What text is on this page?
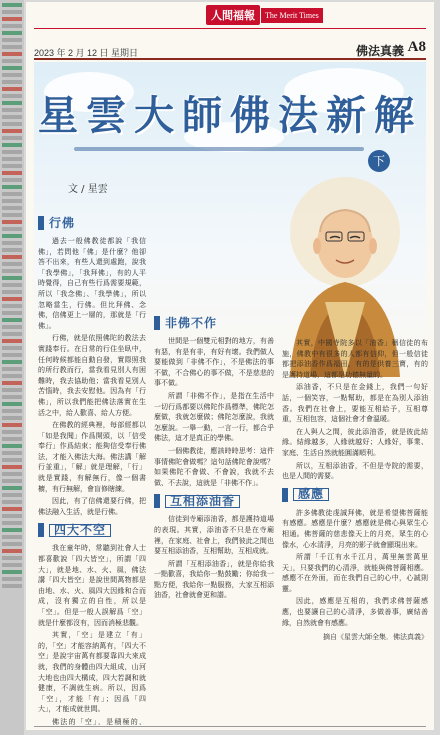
人間福報	The Merit Times
2023 年 2 月 12 日 星期日	佛法真義 A8
星雲大師佛法新解
下
文 / 星雲
行佛

過去一般佛教徒都說「我信佛」，若問他「佛」是什麼？他卻答不出來，有些人還到處跑，說我「我學佛」，「我拜佛」，有的人平時覺得，自己有些行爲需要規範，所以「我念佛」、「我學佛」，所以忽略當生，行佛。但比拜佛、念佛，信佛更上一層的，那就是「行佛」。

行佛，就是依照佛陀的教法去實踐奉行。在日常的行住坐臥中，任何時候都能自動自發，實際照我的所行教而行，當我看見別人有困難時，我去協助他；當我看見別人苦惱時，我去安慰他。因為有「行佛」，所以我們能把佛法落實在生活之中，給人歡喜、給人方便。

在佛教的經典裡，每部經都以「如是我聞」作爲開頭，以「信受奉行」作爲結束；能夠信受奉行佛法，才能入佛法大海。佛法講「解行並重」，「解」就是理解，「行」就是實踐，有解無行，像一個書櫥，有行無解，會盲修瞎練。

因此，有了信佛還要行佛，把佛法融入生活，就是行佛。

四大不空

我在童年時，常聽到社會人士都喜歡說「四大皆空」，所謂「四大」，就是地、水、火、風，佛法講「四大皆空」是說世間萬物都是由地、水、火、風四大因緣和合而成，沒有獨立的自性，所以是「空」。但是一般人誤解爲「空」就是什麼都沒有，因而消極悲觀。

其實，「空」是建立「有」的，「空」才能容納萬有，「四大不空」是說宇宙萬有都要靠四大來成就，我們的身體由四大組成，山河大地也由四大構成，四大若調和就健康，不調就生病。所以，因爲「空」，才能「有」；因爲「四大」，才能成就世間。

佛法的「空」，是積極的，

非佛不作

世間是一個雙元相對的地方，有善有惡，有是有非，有好有壞。我們做人要能做到「非佛不作」，不是佛法的事不做，不合佛心的事不做，不是慈悲的事不做。

所謂「非佛不作」，是指在生活中一切行爲都要以佛陀作爲標準，佛陀怎麼做，我就怎麼做；佛陀怎麼說，我就怎麼說。一舉一動，一言一行，都合乎佛法，這才是真正的學佛。

一個佛教徒，應該時時思考：這件事情佛陀會做嗎？這句話佛陀會說嗎？如果佛陀不會做、不會說，我就不去做、不去說，這就是「非佛不作」。

互相添油香

信徒到寺廟添油香，都是護持道場的表現。其實，添油香不只是在寺廟裡，在家庭、社會上，我們彼此之間也要互相添油香，互相幫助，互相成就。

所謂「互相添油香」，就是你給我一點歡喜，我給你一點鼓勵；你給我一點方便，我給你一點服務，大家互相添油香，社會就會更和諧。

其實，中國寺院多以「油香」稱信徒的布施，佛教中有很多的人都有信仰，但一般信徒都把添油香作爲福田，有的是供養三寶，有的是護持道場，這都是功德無量的。

添油香，不只是在金錢上，我們一句好話，一個笑容，一點幫助，都是在為別人添油香。我們在社會上，要能互相給予，互相尊重，互相包容，這個社會才會溫暖。

在人與人之間，彼此添油香，就是彼此結緣。結緣越多，人緣就越好；人緣好，事業、家庭、生活自然就能圓滿順利。

所以，互相添油香，不但是寺院的需要，也是人間的需要。

感應

許多佛教徒虔誠拜佛，就是希望佛菩薩能有感應。感應是什麼？感應就是佛心與眾生心相通。佛菩薩的慈悲像天上的月亮，眾生的心像水，心水清淨，月亮的影子就會顯現出來。

所謂「千江有水千江月，萬里無雲萬里天」，只要我們的心清淨，就能與佛菩薩相應。感應不在外面，而在我們自己的心中，心誠則靈。

因此，感應是互相的，我們求佛菩薩感應，也要讓自己的心清淨，多做善事，廣結善緣，自然就會有感應。

摘自《星雲大師全集．佛法真義》
